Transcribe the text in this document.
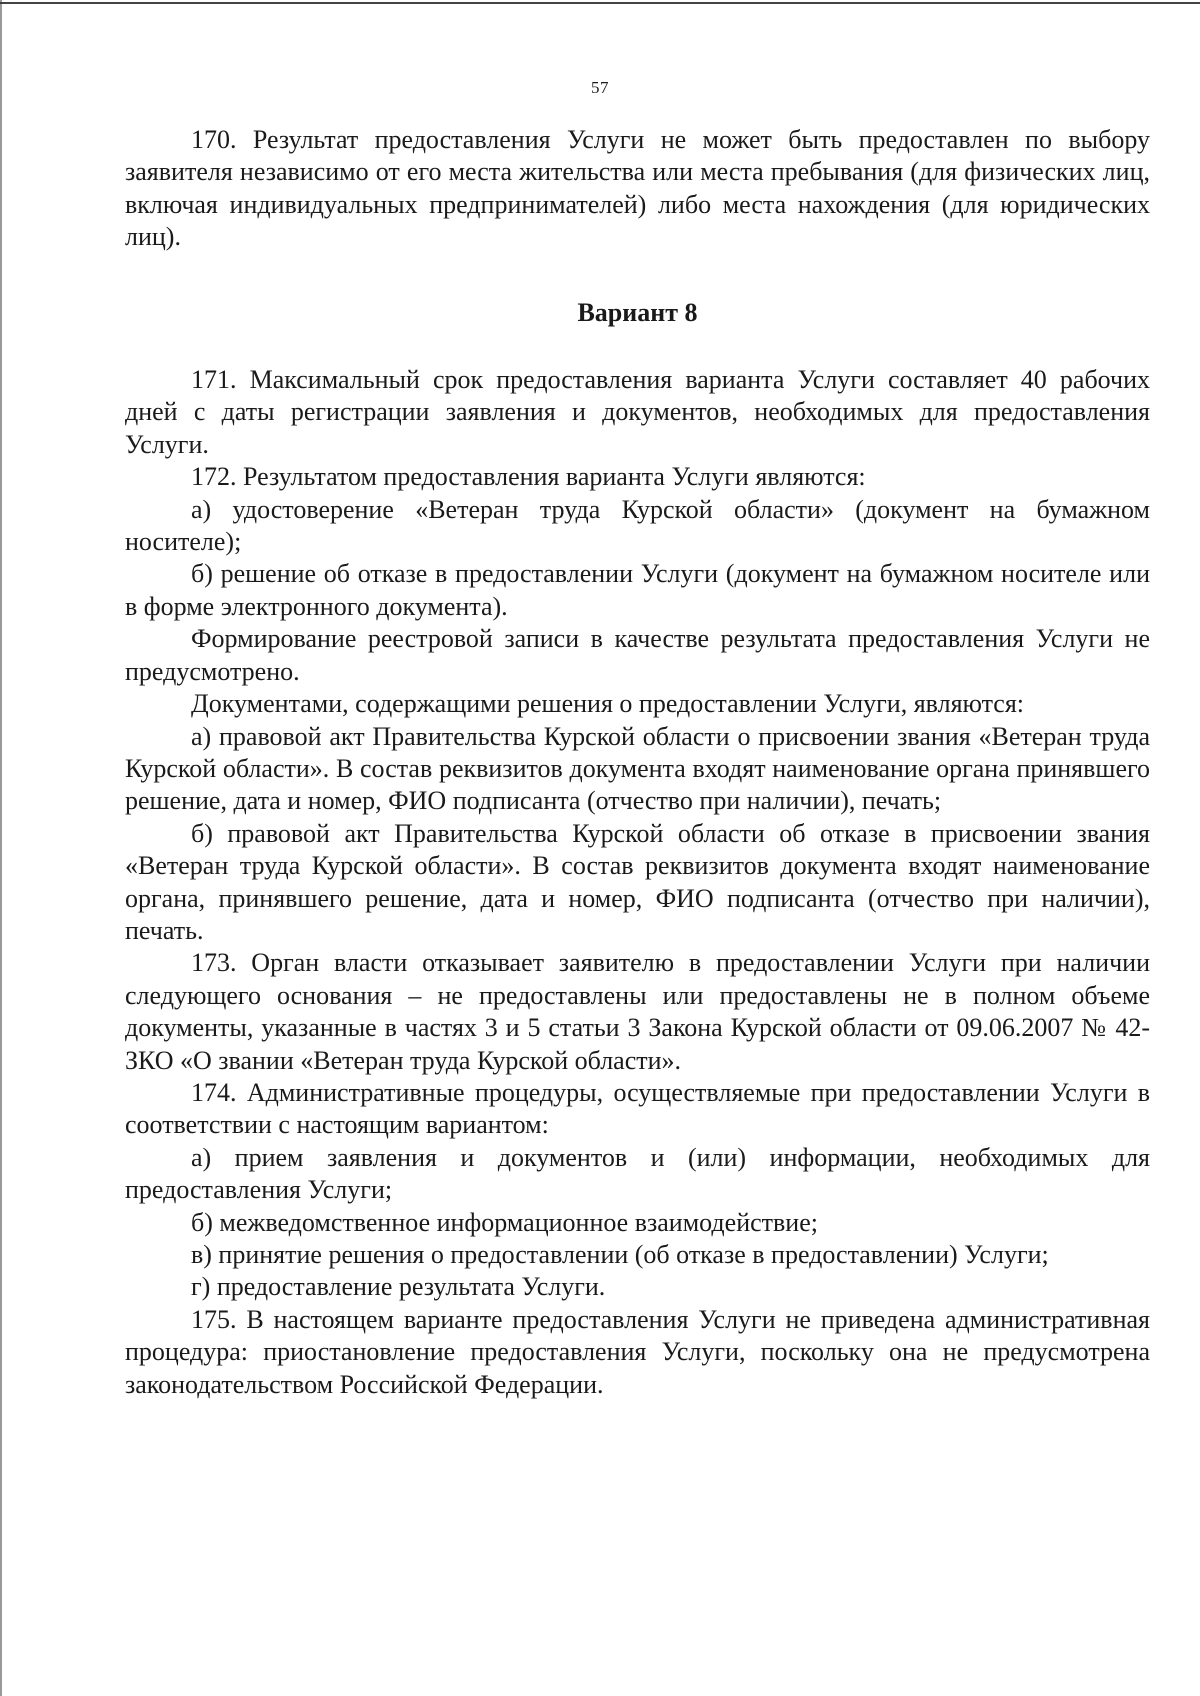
57

170. Результат предоставления Услуги не может быть предоставлен по выбору заявителя независимо от его места жительства или места пребывания (для физических лиц, включая индивидуальных предпринимателей) либо места нахождения (для юридических лиц).

Вариант 8

171. Максимальный срок предоставления варианта Услуги составляет 40 рабочих дней с даты регистрации заявления и документов, необходимых для предоставления Услуги.

172. Результатом предоставления варианта Услуги являются:

а) удостоверение «Ветеран труда Курской области» (документ на бумажном носителе);

б) решение об отказе в предоставлении Услуги (документ на бумажном носителе или в форме электронного документа).

Формирование реестровой записи в качестве результата предоставления Услуги не предусмотрено.

Документами, содержащими решения о предоставлении Услуги, являются:

а) правовой акт Правительства Курской области о присвоении звания «Ветеран труда Курской области». В состав реквизитов документа входят наименование органа принявшего решение, дата и номер, ФИО подписанта (отчество при наличии), печать;

б) правовой акт Правительства Курской области об отказе в присвоении звания «Ветеран труда Курской области». В состав реквизитов документа входят наименование органа, принявшего решение, дата и номер, ФИО подписанта (отчество при наличии), печать.

173. Орган власти отказывает заявителю в предоставлении Услуги при наличии следующего основания – не предоставлены или предоставлены не в полном объеме документы, указанные в частях 3 и 5 статьи 3 Закона Курской области от 09.06.2007 № 42-ЗКО «О звании «Ветеран труда Курской области».

174. Административные процедуры, осуществляемые при предоставлении Услуги в соответствии с настоящим вариантом:

а) прием заявления и документов и (или) информации, необходимых для предоставления Услуги;

б) межведомственное информационное взаимодействие;

в) принятие решения о предоставлении (об отказе в предоставлении) Услуги;

г) предоставление результата Услуги.

175. В настоящем варианте предоставления Услуги не приведена административная процедура: приостановление предоставления Услуги, поскольку она не предусмотрена законодательством Российской Федерации.
